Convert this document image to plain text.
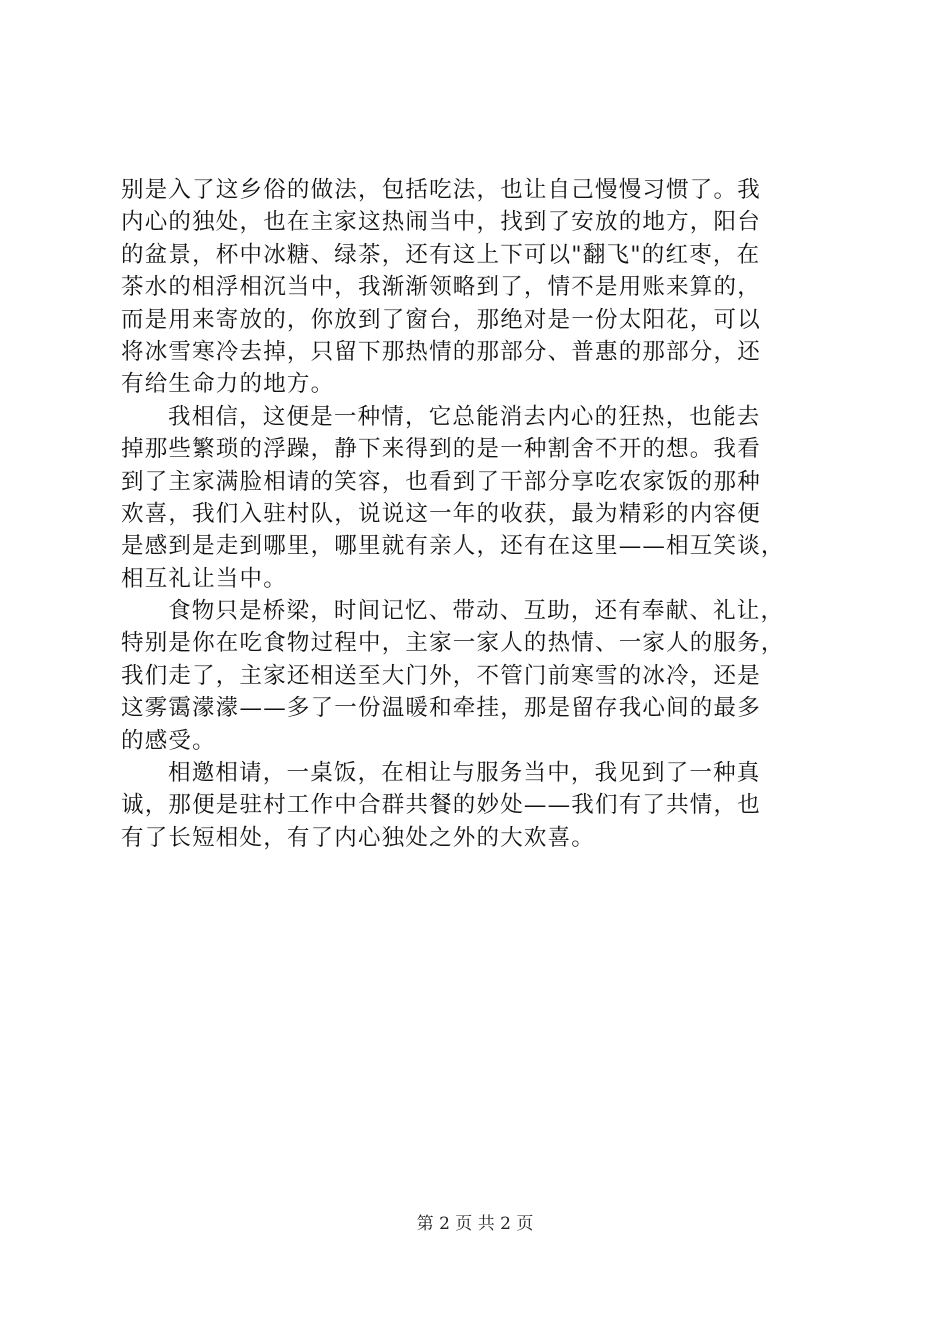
别是入了这乡俗的做法，包括吃法，也让自己慢慢习惯了。我
内心的独处，也在主家这热闹当中，找到了安放的地方，阳台
的盆景，杯中冰糖、绿茶，还有这上下可以"翻飞"的红枣，在
茶水的相浮相沉当中，我渐渐领略到了，情不是用账来算的，
而是用来寄放的，你放到了窗台，那绝对是一份太阳花，可以
将冰雪寒冷去掉，只留下那热情的那部分、普惠的那部分，还
有给生命力的地方。
我相信，这便是一种情，它总能消去内心的狂热，也能去
掉那些繁琐的浮躁，静下来得到的是一种割舍不开的想。我看
到了主家满脸相请的笑容，也看到了干部分享吃农家饭的那种
欢喜，我们入驻村队，说说这一年的收获，最为精彩的内容便
是感到是走到哪里，哪里就有亲人，还有在这里——相互笑谈，
相互礼让当中。
食物只是桥梁，时间记忆、带动、互助，还有奉献、礼让，
特别是你在吃食物过程中，主家一家人的热情、一家人的服务，
我们走了，主家还相送至大门外，不管门前寒雪的冰冷，还是
这雾霭濛濛——多了一份温暖和牵挂，那是留存我心间的最多
的感受。
相邀相请，一桌饭，在相让与服务当中，我见到了一种真
诚，那便是驻村工作中合群共餐的妙处——我们有了共情，也
有了长短相处，有了内心独处之外的大欢喜。
第 2 页 共 2 页
